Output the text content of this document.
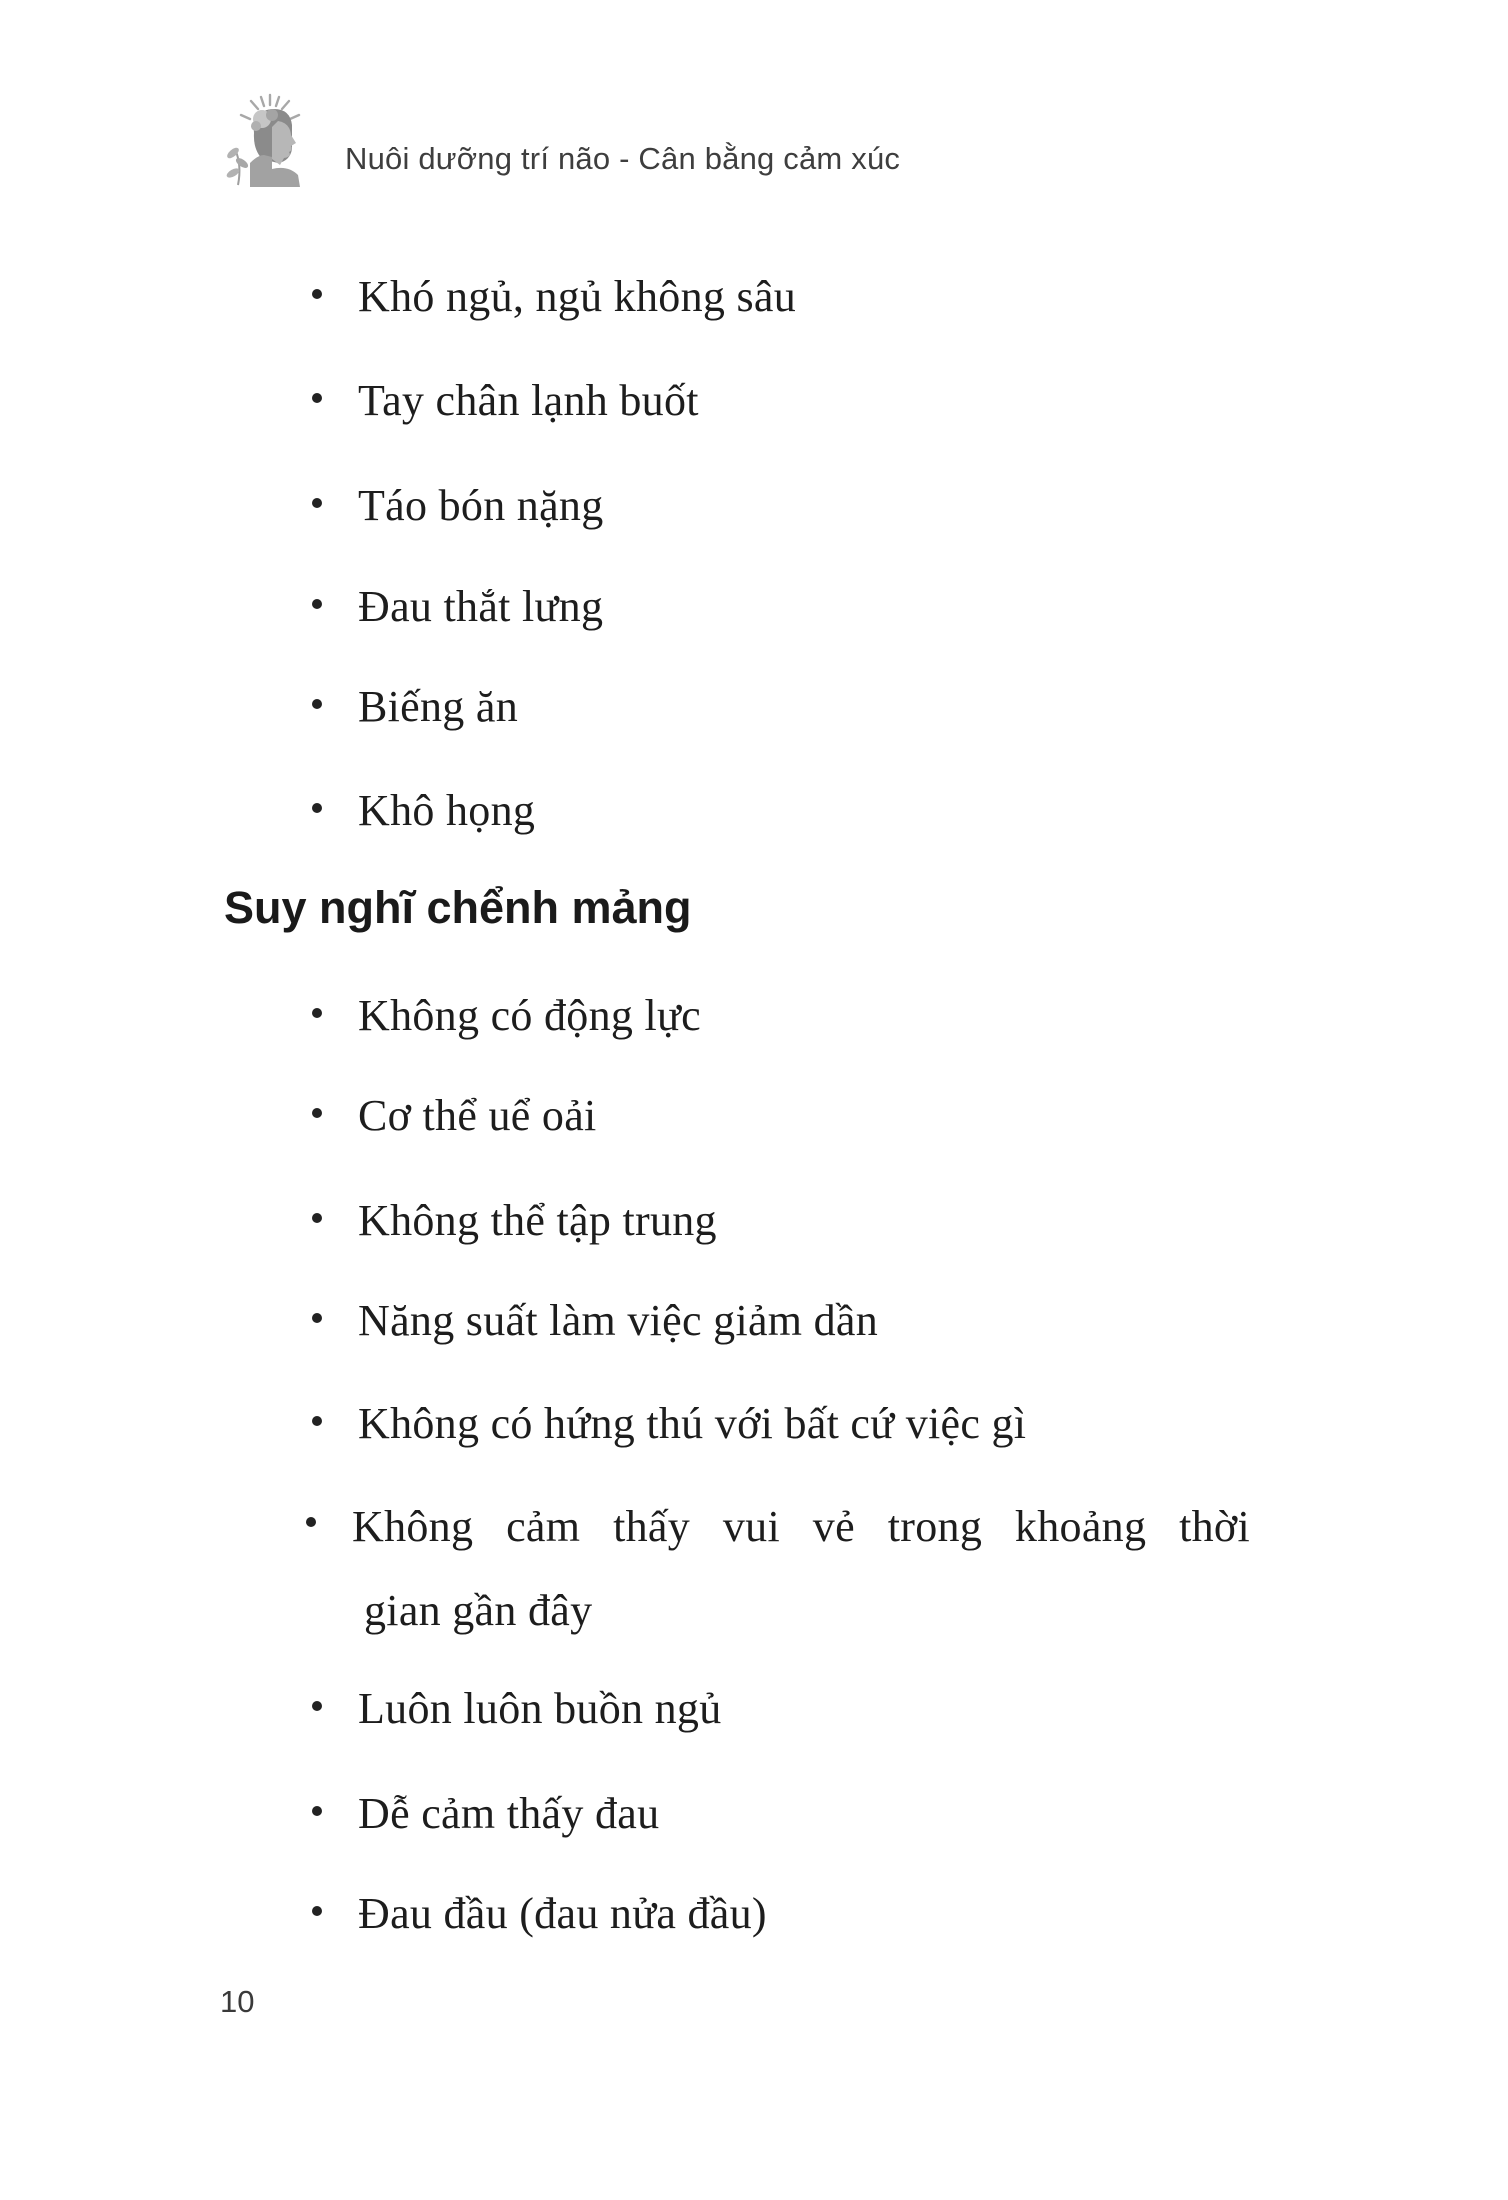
Nuôi dưỡng trí não - Cân bằng cảm xúc
Khó ngủ, ngủ không sâu
Tay chân lạnh buốt
Táo bón nặng
Đau thắt lưng
Biếng ăn
Khô họng
Suy nghĩ chểnh mảng
Không có động lực
Cơ thể uể oải
Không thể tập trung
Năng suất làm việc giảm dần
Không có hứng thú với bất cứ việc gì
Không cảm thấy vui vẻ trong khoảng thời
gian gần đây
Luôn luôn buồn ngủ
Dễ cảm thấy đau
Đau đầu (đau nửa đầu)
10
